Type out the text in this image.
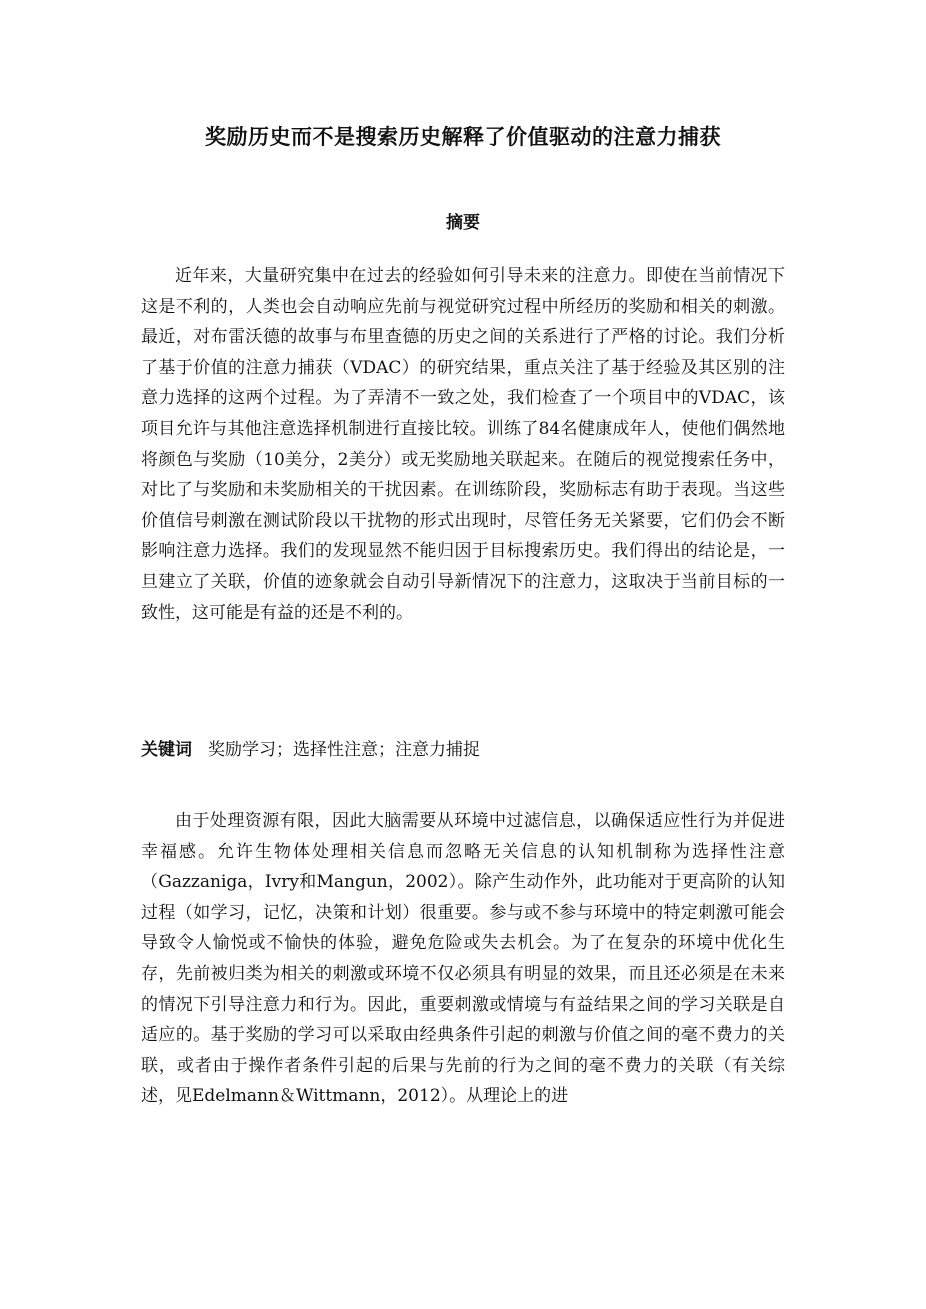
奖励历史而不是搜索历史解释了价值驱动的注意力捕获
摘要

近年来，大量研究集中在过去的经验如何引导未来的注意力。即使在当前情况下这是不利的，人类也会自动响应先前与视觉研究过程中所经历的奖励和相关的刺激。最近，对布雷沃德的故事与布里查德的历史之间的关系进行了严格的讨论。我们分析了基于价值的注意力捕获（VDAC）的研究结果，重点关注了基于经验及其区别的注意力选择的这两个过程。为了弄清不一致之处，我们检查了一个项目中的VDAC，该项目允许与其他注意选择机制进行直接比较。训练了84名健康成年人，使他们偶然地将颜色与奖励（10美分，2美分）或无奖励地关联起来。在随后的视觉搜索任务中，对比了与奖励和未奖励相关的干扰因素。在训练阶段，奖励标志有助于表现。当这些价值信号刺激在测试阶段以干扰物的形式出现时，尽管任务无关紧要，它们仍会不断影响注意力选择。我们的发现显然不能归因于目标搜索历史。我们得出的结论是，一旦建立了关联，价值的迹象就会自动引导新情况下的注意力，这取决于当前目标的一致性，这可能是有益的还是不利的。

关键词 奖励学习；选择性注意；注意力捕捉

由于处理资源有限，因此大脑需要从环境中过滤信息，以确保适应性行为并促进幸福感。允许生物体处理相关信息而忽略无关信息的认知机制称为选择性注意（Gazzaniga，Ivry和Mangun，2002）。除产生动作外，此功能对于更高阶的认知过程（如学习，记忆，决策和计划）很重要。参与或不参与环境中的特定刺激可能会导致令人愉悦或不愉快的体验，避免危险或失去机会。为了在复杂的环境中优化生存，先前被归类为相关的刺激或环境不仅必须具有明显的效果，而且还必须是在未来的情况下引导注意力和行为。因此，重要刺激或情境与有益结果之间的学习关联是自适应的。基于奖励的学习可以采取由经典条件引起的刺激与价值之间的毫不费力的关联，或者由于操作者条件引起的后果与先前的行为之间的毫不费力的关联（有关综述，见Edelmann＆Wittmann，2012）。从理论上的进
